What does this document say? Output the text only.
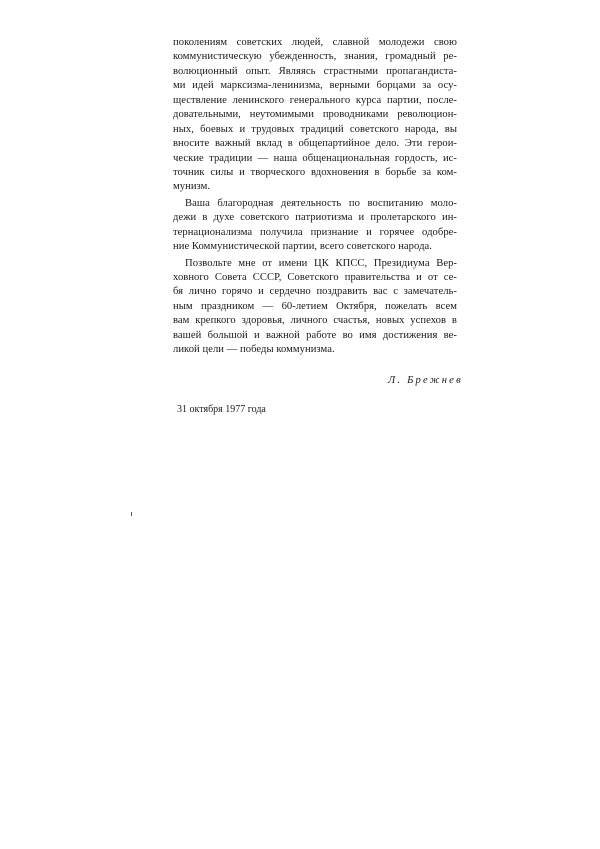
поколениям советских людей, славной молодежи свою
коммунистическую убежденность, знания, громадный ре-
волюционный опыт. Являясь страстными пропагандиста-
ми идей марксизма-ленинизма, верными борцами за осу-
ществление ленинского генерального курса партии, после-
довательными, неутомимыми проводниками революцион-
ных, боевых и трудовых традиций советского народа, вы
вносите важный вклад в общепартийное дело. Эти герои-
ческие традиции — наша общенациональная гордость, ис-
точник силы и творческого вдохновения в борьбе за ком-
мунизм.
Ваша благородная деятельность по воспитанию моло-
дежи в духе советского патриотизма и пролетарского ин-
тернационализма получила признание и горячее одобре-
ние Коммунистической партии, всего советского народа.
Позвольте мне от имени ЦК КПСС, Президиума Вер-
ховного Совета СССР, Советского правительства и от се-
бя лично горячо и сердечно поздравить вас с замечатель-
ным праздником — 60-летием Октября, пожелать всем
вам крепкого здоровья, личного счастья, новых успехов в
вашей большой и важной работе во имя достижения ве-
ликой цели — победы коммунизма.
Л. Брежнев
31 октября 1977 года
